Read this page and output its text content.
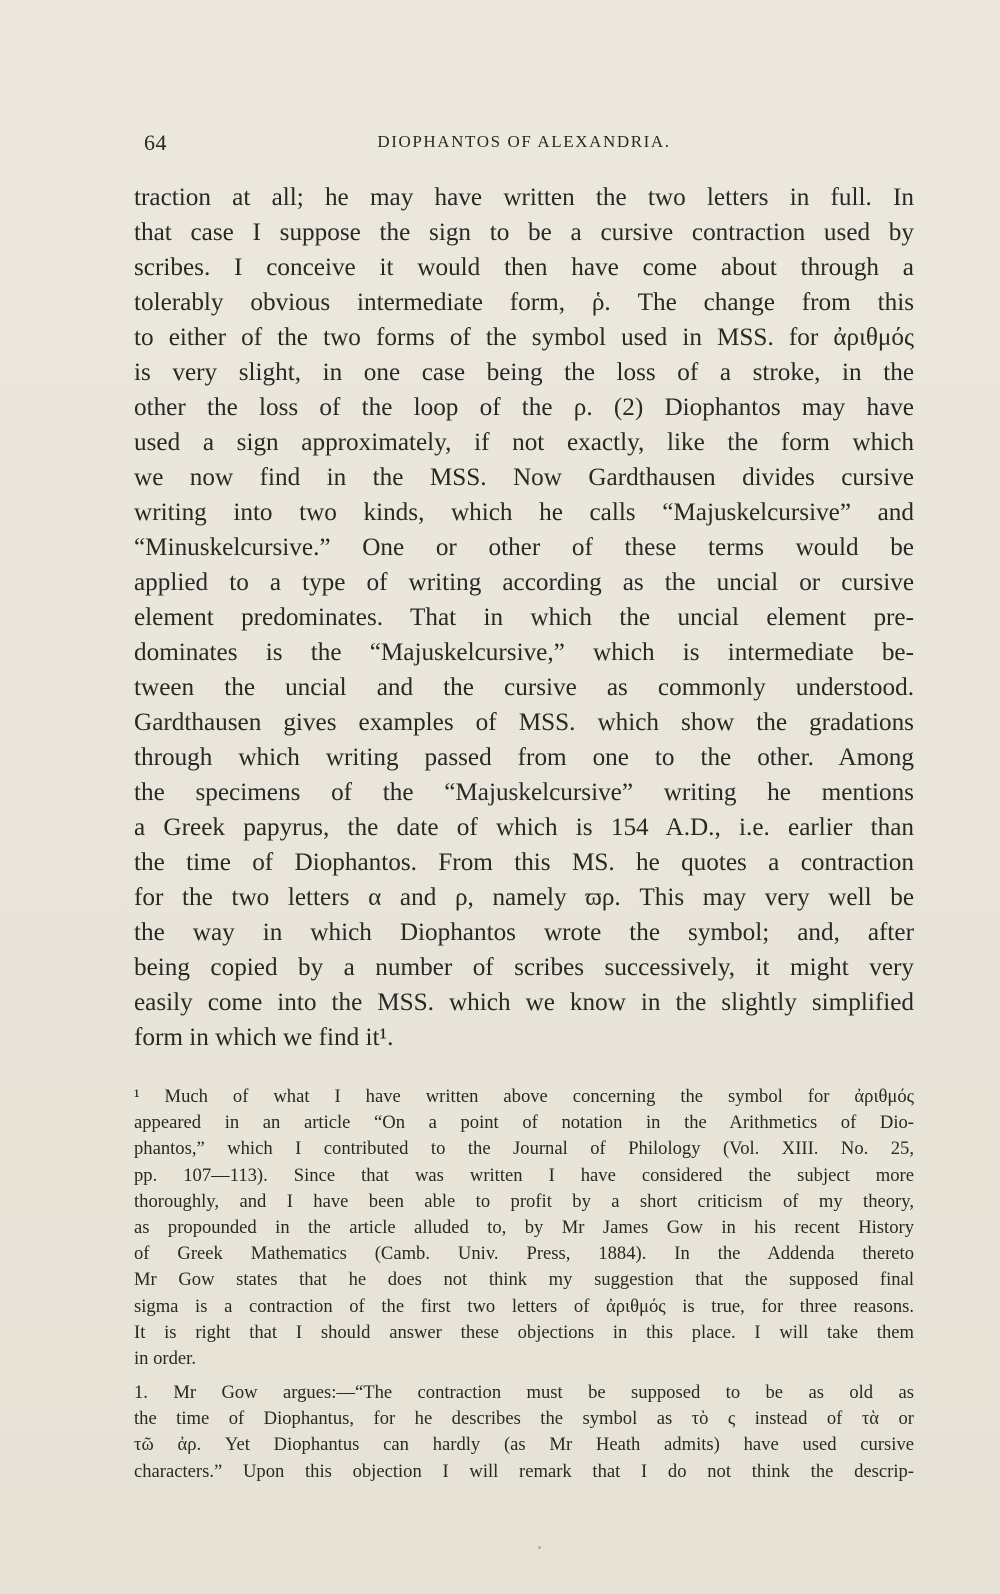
64	DIOPHANTOS OF ALEXANDRIA.
traction at all; he may have written the two letters in full. In
that case I suppose the sign to be a cursive contraction used by
scribes. I conceive it would then have come about through a
tolerably obvious intermediate form, ῥ. The change from this
to either of the two forms of the symbol used in MSS. for ἀριθμός
is very slight, in one case being the loss of a stroke, in the
other the loss of the loop of the ρ. (2) Diophantos may have
used a sign approximately, if not exactly, like the form which
we now find in the MSS. Now Gardthausen divides cursive
writing into two kinds, which he calls “Majuskelcursive” and
“Minuskelcursive.” One or other of these terms would be
applied to a type of writing according as the uncial or cursive
element predominates. That in which the uncial element pre-
dominates is the “Majuskelcursive,” which is intermediate be-
tween the uncial and the cursive as commonly understood.
Gardthausen gives examples of MSS. which show the gradations
through which writing passed from one to the other. Among
the specimens of the “Majuskelcursive” writing he mentions
a Greek papyrus, the date of which is 154 A.D., i.e. earlier than
the time of Diophantos. From this MS. he quotes a contraction
for the two letters α and ρ, namely ϖρ. This may very well be
the way in which Diophantos wrote the symbol; and, after
being copied by a number of scribes successively, it might very
easily come into the MSS. which we know in the slightly simplified
form in which we find it¹.
¹ Much of what I have written above concerning the symbol for ἀριθμός
appeared in an article “On a point of notation in the Arithmetics of Dio-
phantos,” which I contributed to the Journal of Philology (Vol. XIII. No. 25,
pp. 107—113). Since that was written I have considered the subject more
thoroughly, and I have been able to profit by a short criticism of my theory,
as propounded in the article alluded to, by Mr James Gow in his recent History
of Greek Mathematics (Camb. Univ. Press, 1884). In the Addenda thereto
Mr Gow states that he does not think my suggestion that the supposed final
sigma is a contraction of the first two letters of ἀριθμός is true, for three reasons.
It is right that I should answer these objections in this place. I will take them
in order.
1. Mr Gow argues:—“The contraction must be supposed to be as old as
the time of Diophantus, for he describes the symbol as τὸ ς instead of τὰ or
τῶ ἀρ. Yet Diophantus can hardly (as Mr Heath admits) have used cursive
characters.” Upon this objection I will remark that I do not think the descrip-
